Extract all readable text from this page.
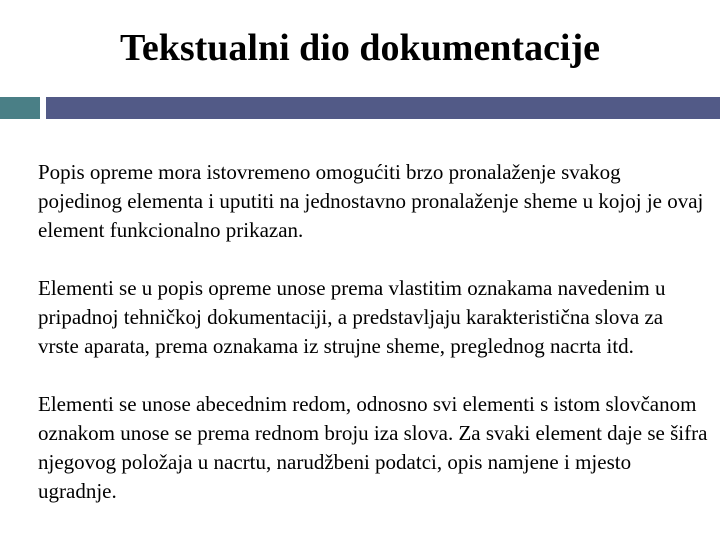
Tekstualni dio dokumentacije

Popis opreme mora istovremeno omogućiti brzo pronalaženje svakog pojedinog elementa i uputiti na jednostavno pronalaženje sheme u kojoj je ovaj element funkcionalno prikazan.

Elementi se u popis opreme unose prema vlastitim oznakama navedenim u pripadnoj tehničkoj dokumentaciji, a predstavljaju karakteristična slova za vrste aparata, prema oznakama iz strujne sheme, preglednog nacrta itd.

Elementi se unose abecednim redom, odnosno svi elementi s istom slovčanom oznakom unose se prema rednom broju iza slova. Za svaki element daje se šifra njegovog položaja u nacrtu, narudžbeni podatci, opis namjene i mjesto ugradnje.
